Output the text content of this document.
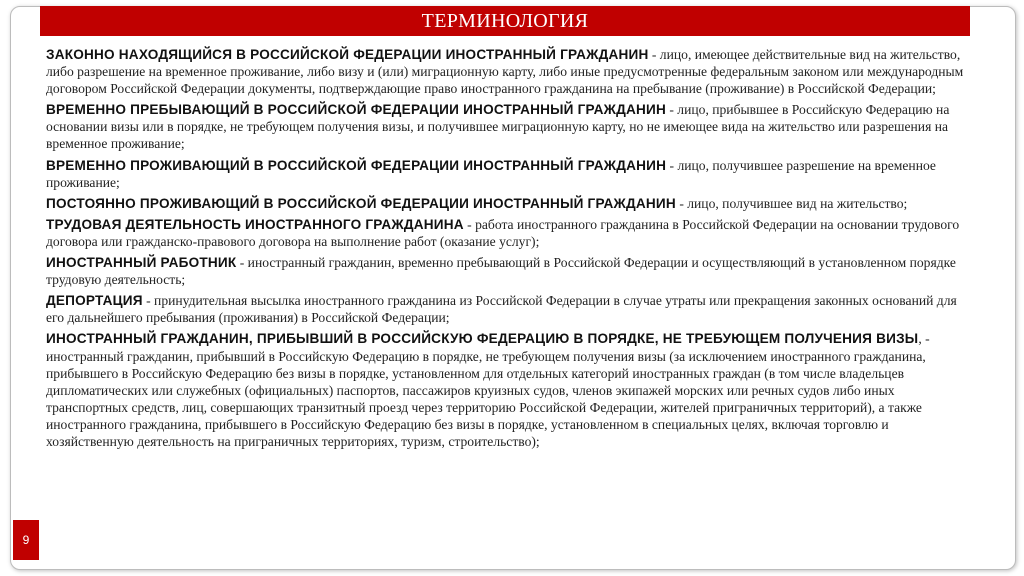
ТЕРМИНОЛОГИЯ

ЗАКОННО НАХОДЯЩИЙСЯ В РОССИЙСКОЙ ФЕДЕРАЦИИ ИНОСТРАННЫЙ ГРАЖДАНИН - лицо, имеющее действительные вид на жительство, либо разрешение на временное проживание, либо визу и (или) миграционную карту, либо иные предусмотренные федеральным законом или международным договором Российской Федерации документы, подтверждающие право иностранного гражданина на пребывание (проживание) в Российской Федерации;

ВРЕМЕННО ПРЕБЫВАЮЩИЙ В РОССИЙСКОЙ ФЕДЕРАЦИИ ИНОСТРАННЫЙ ГРАЖДАНИН - лицо, прибывшее в Российскую Федерацию на основании визы или в порядке, не требующем получения визы, и получившее миграционную карту, но не имеющее вида на жительство или разрешения на временное проживание;

ВРЕМЕННО ПРОЖИВАЮЩИЙ В РОССИЙСКОЙ ФЕДЕРАЦИИ ИНОСТРАННЫЙ ГРАЖДАНИН - лицо, получившее разрешение на временное проживание;

ПОСТОЯННО ПРОЖИВАЮЩИЙ В РОССИЙСКОЙ ФЕДЕРАЦИИ ИНОСТРАННЫЙ ГРАЖДАНИН - лицо, получившее вид на жительство;

ТРУДОВАЯ ДЕЯТЕЛЬНОСТЬ ИНОСТРАННОГО ГРАЖДАНИНА - работа иностранного гражданина в Российской Федерации на основании трудового договора или гражданско-правового договора на выполнение работ (оказание услуг);

ИНОСТРАННЫЙ РАБОТНИК - иностранный гражданин, временно пребывающий в Российской Федерации и осуществляющий в установленном порядке трудовую деятельность;

ДЕПОРТАЦИЯ - принудительная высылка иностранного гражданина из Российской Федерации в случае утраты или прекращения законных оснований для его дальнейшего пребывания (проживания) в Российской Федерации;

ИНОСТРАННЫЙ ГРАЖДАНИН, ПРИБЫВШИЙ В РОССИЙСКУЮ ФЕДЕРАЦИЮ В ПОРЯДКЕ, НЕ ТРЕБУЮЩЕМ ПОЛУЧЕНИЯ ВИЗЫ, - иностранный гражданин, прибывший в Российскую Федерацию в порядке, не требующем получения визы (за исключением иностранного гражданина, прибывшего в Российскую Федерацию без визы в порядке, установленном для отдельных категорий иностранных граждан (в том числе владельцев дипломатических или служебных (официальных) паспортов, пассажиров круизных судов, членов экипажей морских или речных судов либо иных транспортных средств, лиц, совершающих транзитный проезд через территорию Российской Федерации, жителей приграничных территорий), а также иностранного гражданина, прибывшего в Российскую Федерацию без визы в порядке, установленном в специальных целях, включая торговлю и хозяйственную деятельность на приграничных территориях, туризм, строительство);

9
